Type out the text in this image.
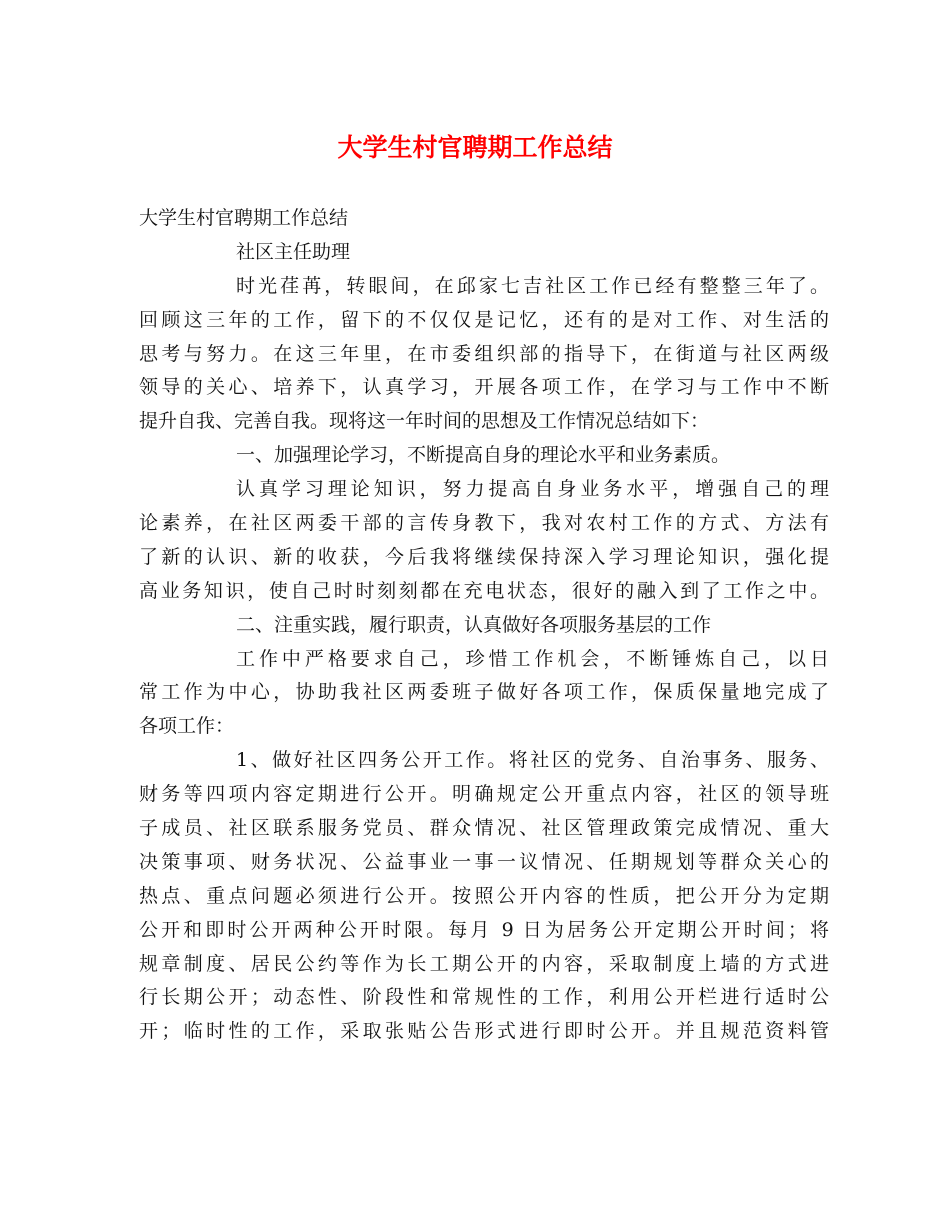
大学生村官聘期工作总结
大学生村官聘期工作总结
社区主任助理
时光荏苒，转眼间，在邱家七吉社区工作已经有整整三年了。
回顾这三年的工作，留下的不仅仅是记忆，还有的是对工作、对生活的
思考与努力。在这三年里，在市委组织部的指导下，在街道与社区两级
领导的关心、培养下，认真学习，开展各项工作，在学习与工作中不断
提升自我、完善自我。现将这一年时间的思想及工作情况总结如下：
一、加强理论学习，不断提高自身的理论水平和业务素质。
认真学习理论知识，努力提高自身业务水平，增强自己的理
论素养，在社区两委干部的言传身教下，我对农村工作的方式、方法有
了新的认识、新的收获，今后我将继续保持深入学习理论知识，强化提
高业务知识，使自己时时刻刻都在充电状态，很好的融入到了工作之中。
二、注重实践，履行职责，认真做好各项服务基层的工作
工作中严格要求自己，珍惜工作机会，不断锤炼自己，以日
常工作为中心，协助我社区两委班子做好各项工作，保质保量地完成了
各项工作：
1、做好社区四务公开工作。将社区的党务、自治事务、服务、
财务等四项内容定期进行公开。明确规定公开重点内容，社区的领导班
子成员、社区联系服务党员、群众情况、社区管理政策完成情况、重大
决策事项、财务状况、公益事业一事一议情况、任期规划等群众关心的
热点、重点问题必须进行公开。按照公开内容的性质，把公开分为定期
公开和即时公开两种公开时限。每月 9 日为居务公开定期公开时间；将
规章制度、居民公约等作为长工期公开的内容，采取制度上墙的方式进
行长期公开；动态性、阶段性和常规性的工作，利用公开栏进行适时公
开；临时性的工作，采取张贴公告形式进行即时公开。并且规范资料管
